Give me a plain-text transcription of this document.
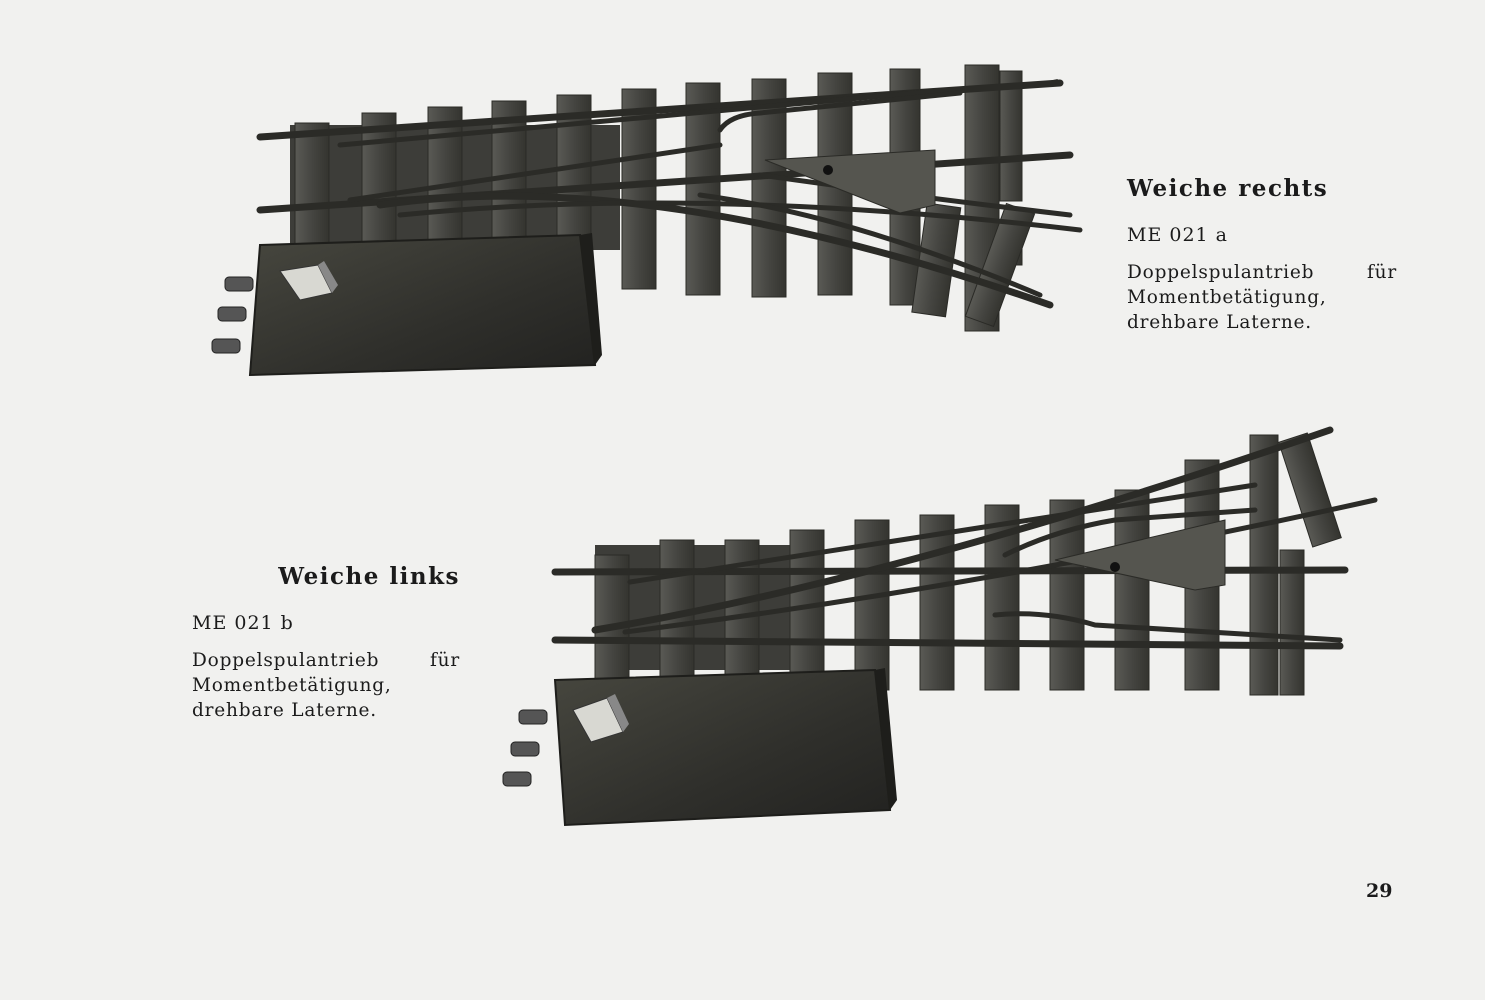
Weiche rechts

ME 021 a

Doppelspulantrieb für Momentbetätigung, drehbare Laterne.

Weiche links

ME 021 b

Doppelspulantrieb für Momentbetätigung, drehbare Laterne.

29
